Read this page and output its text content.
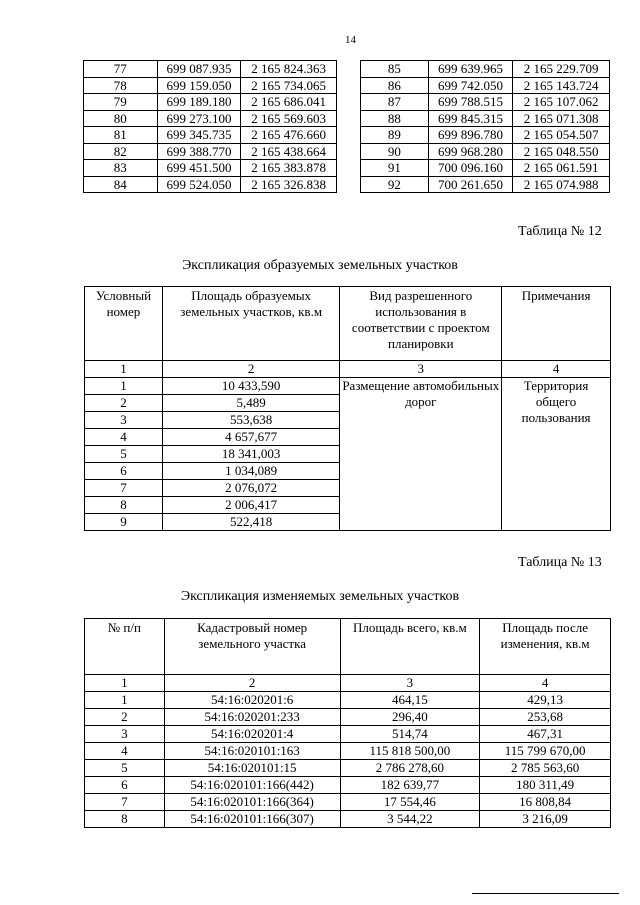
14
77	699 087.935	2 165 824.363
78	699 159.050	2 165 734.065
79	699 189.180	2 165 686.041
80	699 273.100	2 165 569.603
81	699 345.735	2 165 476.660
82	699 388.770	2 165 438.664
83	699 451.500	2 165 383.878
84	699 524.050	2 165 326.838
85	699 639.965	2 165 229.709
86	699 742.050	2 165 143.724
87	699 788.515	2 165 107.062
88	699 845.315	2 165 071.308
89	699 896.780	2 165 054.507
90	699 968.280	2 165 048.550
91	700 096.160	2 165 061.591
92	700 261.650	2 165 074.988
Таблица № 12
Экспликация образуемых земельных участков
Условный номер	Площадь образуемых земельных участков, кв.м	Вид разрешенного использования в соответствии с проектом планировки	Примечания
1	2	3	4
1	10 433,590	Размещение автомобильных дорог	Территория общего пользования
2	5,489		
3	553,638		
4	4 657,677		
5	18 341,003		
6	1 034,089		
7	2 076,072		
8	2 006,417		
9	522,418		
Таблица № 13
Экспликация изменяемых земельных участков
№ п/п	Кадастровый номер земельного участка	Площадь всего, кв.м	Площадь после изменения, кв.м
1	2	3	4
1	54:16:020201:6	464,15	429,13
2	54:16:020201:233	296,40	253,68
3	54:16:020201:4	514,74	467,31
4	54:16:020101:163	115 818 500,00	115 799 670,00
5	54:16:020101:15	2 786 278,60	2 785 563,60
6	54:16:020101:166(442)	182 639,77	180 311,49
7	54:16:020101:166(364)	17 554,46	16 808,84
8	54:16:020101:166(307)	3 544,22	3 216,09
